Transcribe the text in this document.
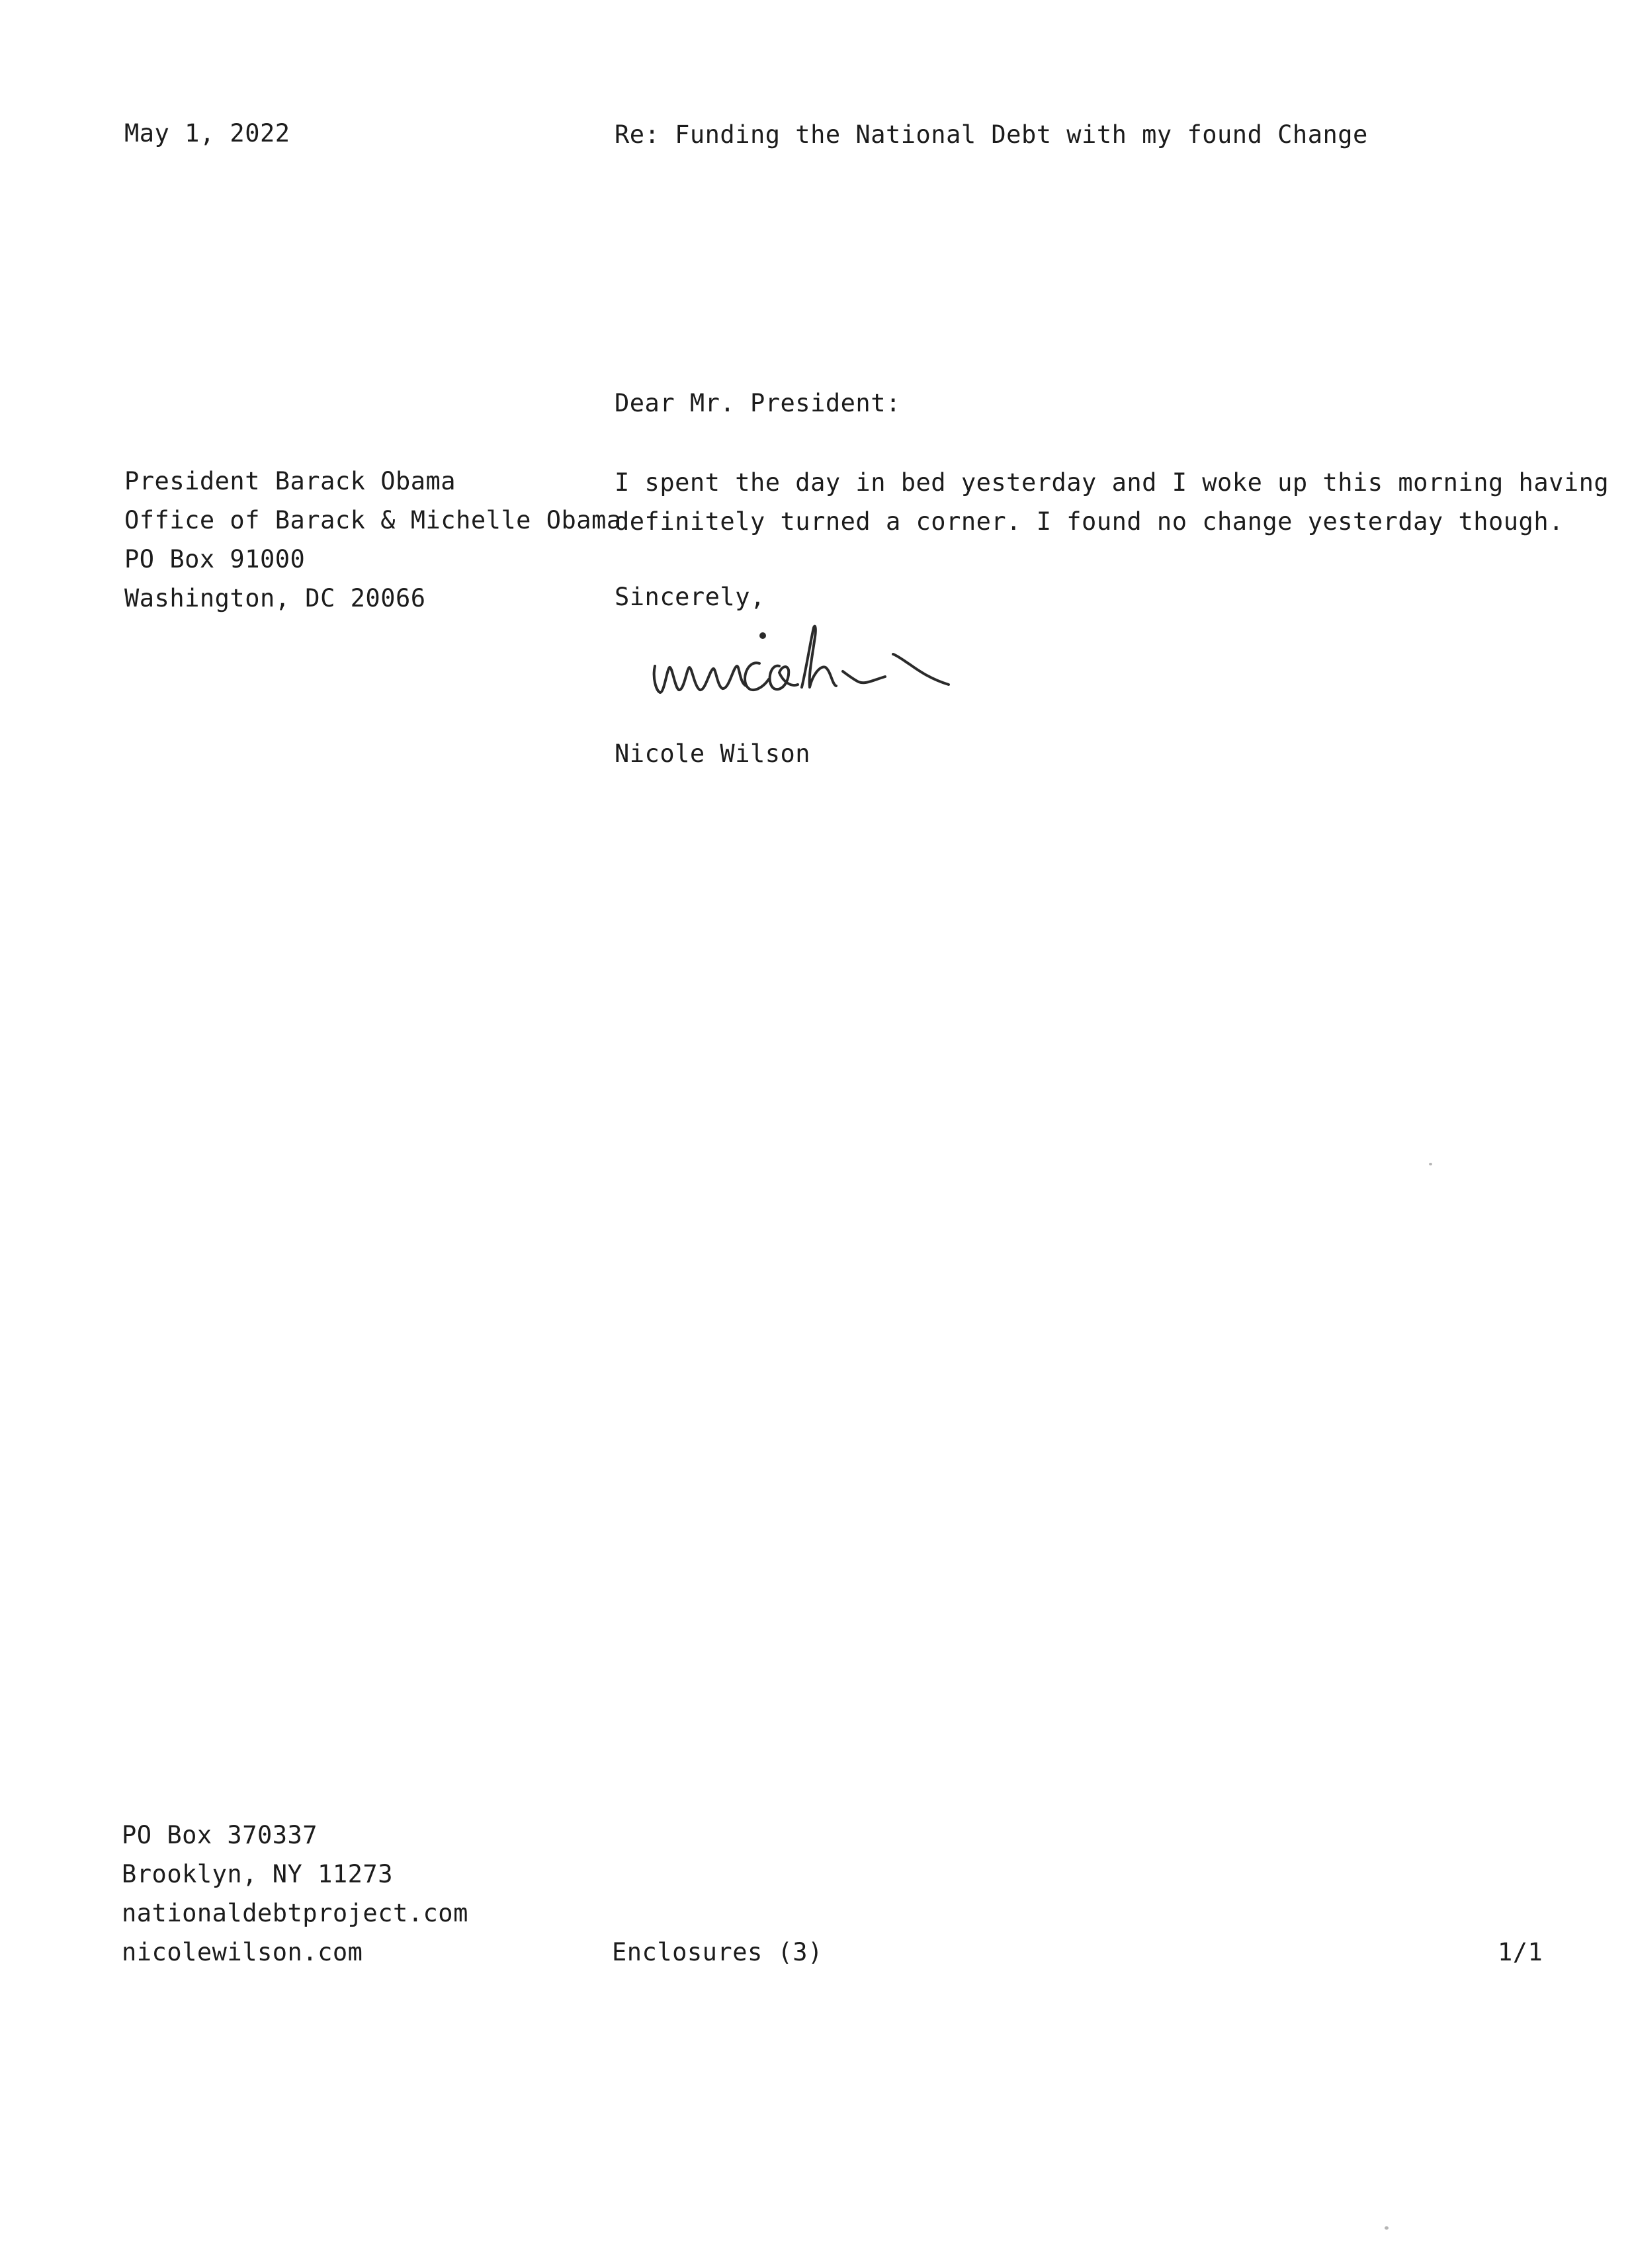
May 1, 2022	Re: Funding the National Debt with my found Change
Dear Mr. President:
President Barack Obama
Office of Barack & Michelle Obama
PO Box 91000
Washington, DC 20066
I spent the day in bed yesterday and I woke up this morning having
definitely turned a corner. I found no change yesterday though.
Sincerely,
Nicole Wilson
PO Box 370337
Brooklyn, NY 11273
nationaldebtproject.com
nicolewilson.com	Enclosures (3)	1/1
